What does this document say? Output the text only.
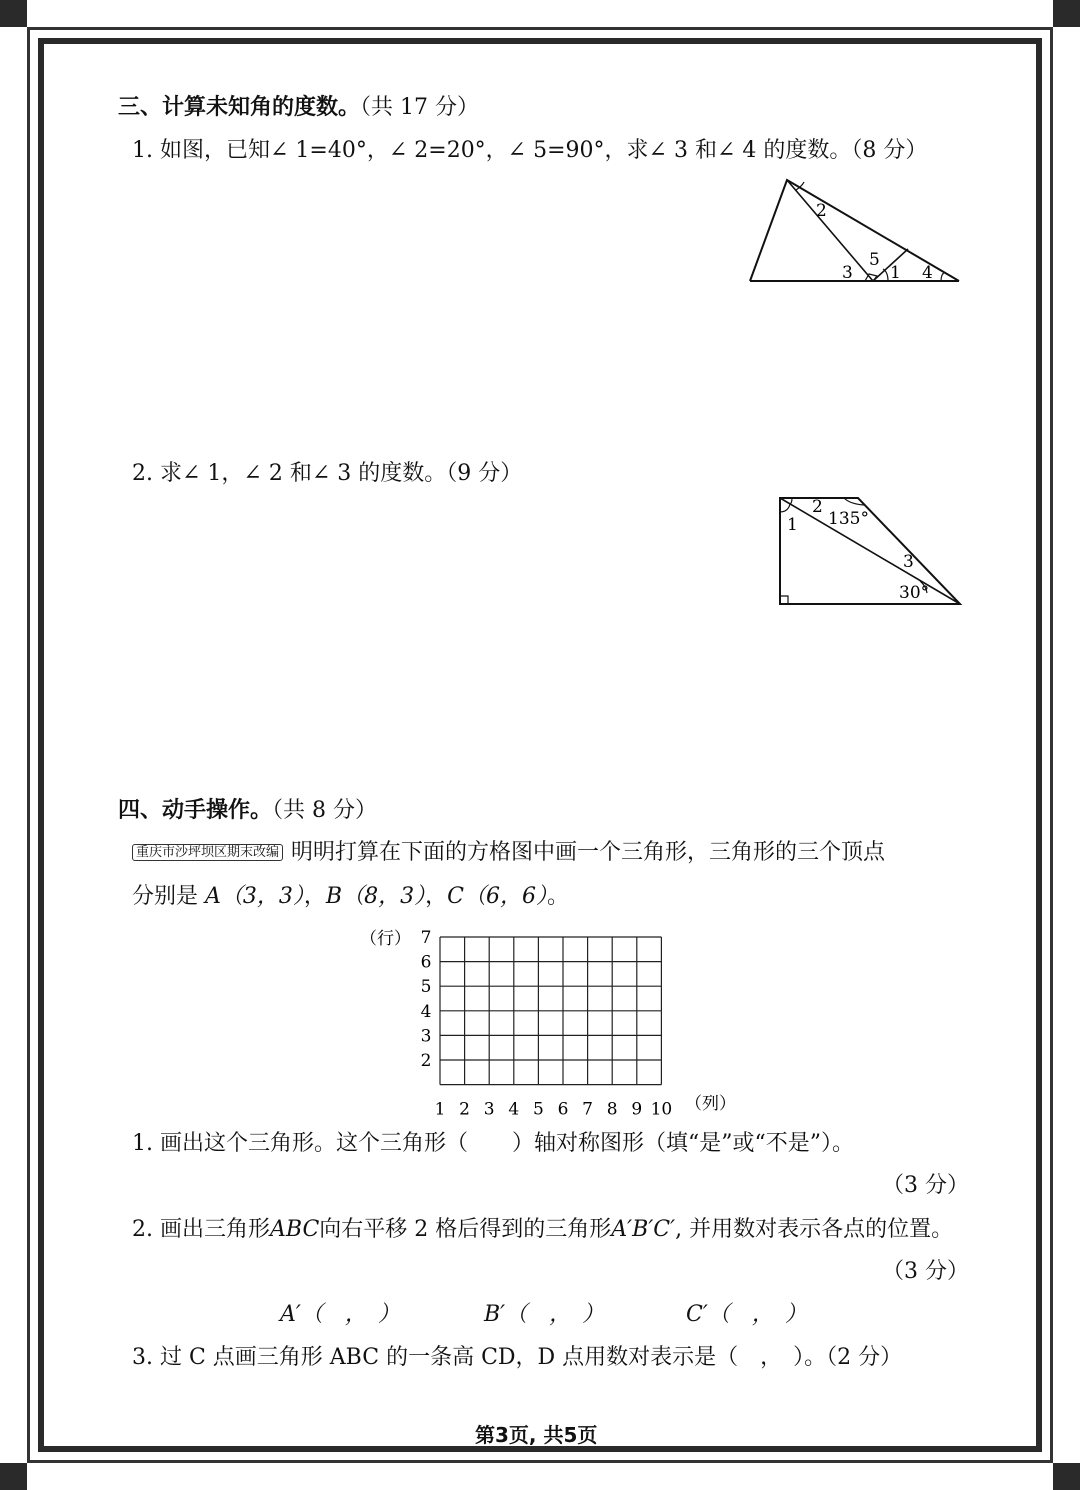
三、计算未知角的度数。（共 17 分）
1. 如图，已知∠ 1=40°，∠ 2=20°，∠ 5=90°，求∠ 3 和∠ 4 的度数。（8 分）
2
5
3 1 4
2. 求∠ 1，∠ 2 和∠ 3 的度数。（9 分）
2
1 135°
3
30°
四、动手操作。（共 8 分）
重庆市沙坪坝区期末改编 明明打算在下面的方格图中画一个三角形，三角形的三个顶点
分别是 A（3，3），B（8，3），C（6，6）。
（行）
（列）
7
6
5
4
3
2
1 2 3 4 5 6 7 8 9 10
1. 画出这个三角形。这个三角形（　　）轴对称图形（填“是”或“不是”）。
（3 分）
2. 画出三角形ABC向右平移 2 格后得到的三角形A′B′C′, 并用数对表示各点的位置。
（3 分）
A′（　，　）	B′（　，　）	C′（　，　）
3. 过 C 点画三角形 ABC 的一条高 CD，D 点用数对表示是（　，　）。（2 分）
第3页, 共5页
